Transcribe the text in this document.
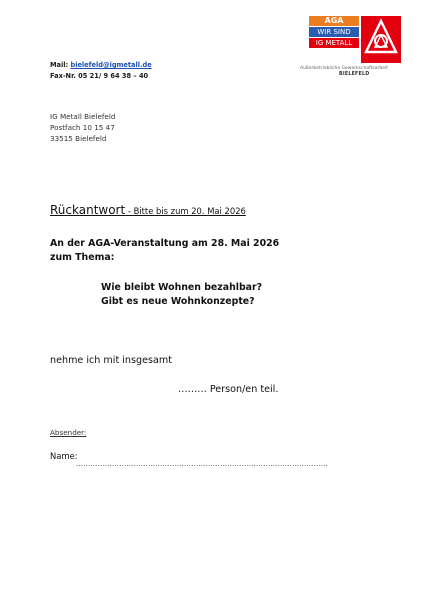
Mail: bielefeld@igmetall.de
Fax-Nr. 05 21/ 9 64 38 – 40
AGA
WIR SIND
IG METALL
Außerbetriebliche Gewerkschaftsarbeit
BIELEFELD
IG Metall Bielefeld
Postfach 10 15 47
33515 Bielefeld
Rückantwort - Bitte bis zum 20. Mai 2026
An der AGA-Veranstaltung am 28. Mai 2026
zum Thema:
Wie bleibt Wohnen bezahlbar?
Gibt es neue Wohnkonzepte?
nehme ich mit insgesamt
……… Person/en teil.
Absender:
Name:
……………………………………………………………………………………………
